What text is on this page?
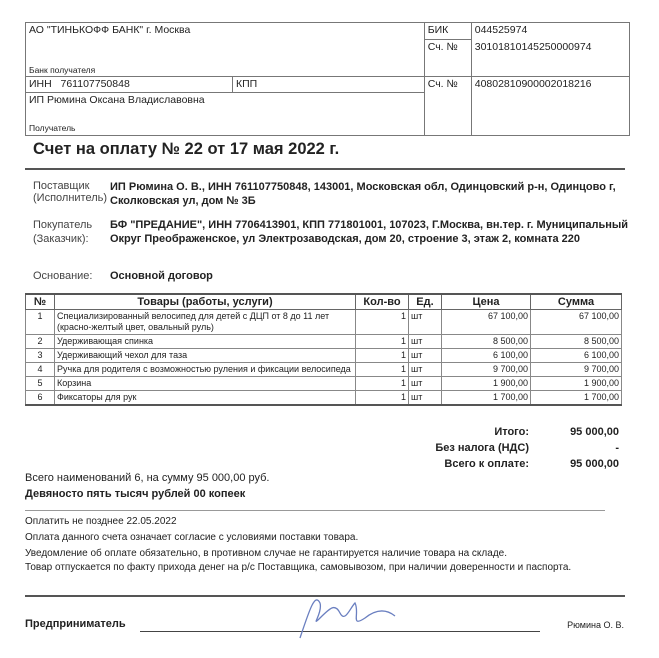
АО "ТИНЬКОФФ БАНК" г. Москва		БИК	044525974
		Сч. №	30101810145250000974
Банк получателя			
ИНН 761107750848	КПП	Сч. №	40802810900002018216

ИП Рюмина Оксана Владиславовна
Получатель			
Счет на оплату № 22 от 17 мая 2022 г.
Поставщик
(Исполнитель)
ИП Рюмина О. В., ИНН 761107750848, 143001, Московская обл, Одинцовский р-н, Одинцово г, Сколковская ул, дом № 3Б
Покупатель
(Заказчик):
БФ "ПРЕДАНИЕ", ИНН 7706413901, КПП 771801001, 107023, Г.Москва, вн.тер. г. Муниципальный Округ Преображенское, ул Электрозаводская, дом 20, строение 3, этаж 2, комната 220
Основание: Основной договор
№	Товары (работы, услуги)	Кол-во	Ед.	Цена	Сумма
1	Специализированный велосипед для детей с ДЦП от 8 до 11 лет (красно-желтый цвет, овальный руль)	1	шт	67 100,00	67 100,00
2	Удерживающая спинка	1	шт	8 500,00	8 500,00
3	Удерживающий чехол для таза	1	шт	6 100,00	6 100,00
4	Ручка для родителя с возможностью руления и фиксации велосипеда	1	шт	9 700,00	9 700,00
5	Корзина	1	шт	1 900,00	1 900,00
6	Фиксаторы для рук	1	шт	1 700,00	1 700,00
Итого:	95 000,00
Без налога (НДС)	-
Всего к оплате:	95 000,00
Всего наименований 6, на сумму 95 000,00 руб.
Девяносто пять тысяч рублей 00 копеек
Оплатить не позднее 22.05.2022
Оплата данного счета означает согласие с условиями поставки товара.
Уведомление об оплате обязательно, в противном случае не гарантируется наличие товара на складе.
Товар отпускается по факту прихода денег на р/с Поставщика, самовывозом, при наличии доверенности и паспорта.
Предприниматель	Рюмина О. В.
